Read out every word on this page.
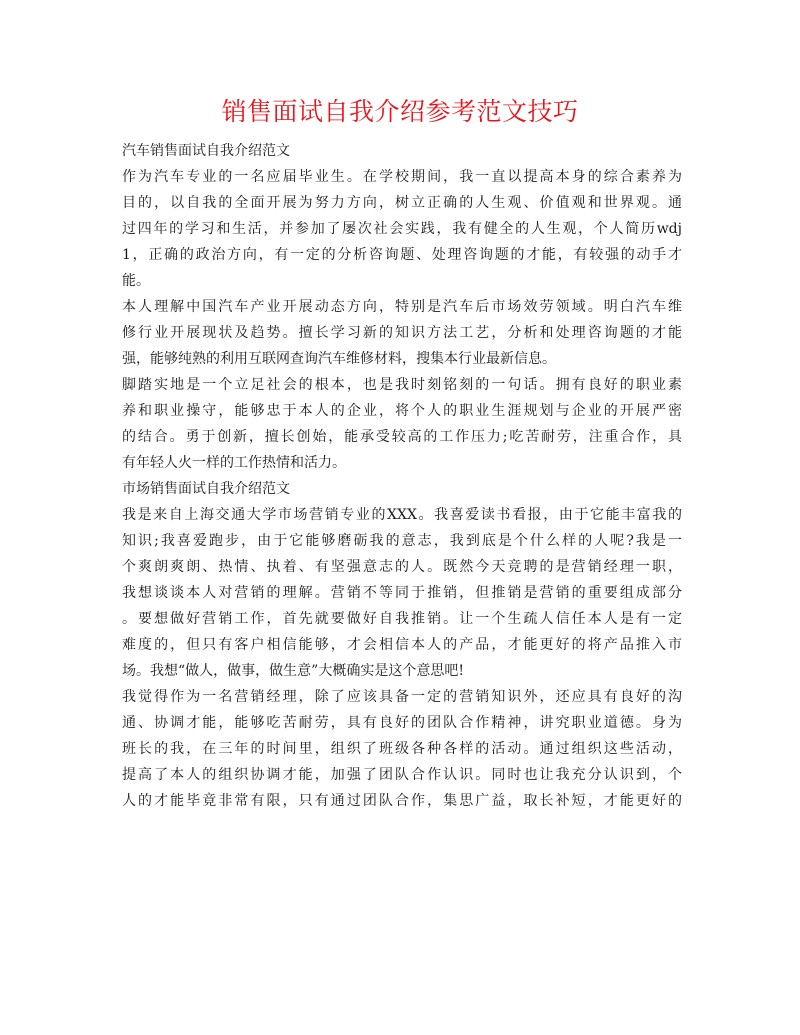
销售面试自我介绍参考范文技巧
汽车销售面试自我介绍范文
作为汽车专业的一名应届毕业生。在学校期间，我一直以提高本身的综合素养为
目的，以自我的全面开展为努力方向，树立正确的人生观、价值观和世界观。通
过四年的学习和生活，并参加了屡次社会实践，我有健全的人生观，个人简历wdj
1，正确的政治方向，有一定的分析咨询题、处理咨询题的才能，有较强的动手才
能。
本人理解中国汽车产业开展动态方向，特别是汽车后市场效劳领域。明白汽车维
修行业开展现状及趋势。擅长学习新的知识方法工艺，分析和处理咨询题的才能
强，能够纯熟的利用互联网查询汽车维修材料，搜集本行业最新信息。
脚踏实地是一个立足社会的根本，也是我时刻铭刻的一句话。拥有良好的职业素
养和职业操守，能够忠于本人的企业，将个人的职业生涯规划与企业的开展严密
的结合。勇于创新，擅长创始，能承受较高的工作压力;吃苦耐劳，注重合作，具
有年轻人火一样的工作热情和活力。
市场销售面试自我介绍范文
我是来自上海交通大学市场营销专业的XXX。我喜爱读书看报，由于它能丰富我的
知识;我喜爱跑步，由于它能够磨砺我的意志，我到底是个什么样的人呢?我是一
个爽朗爽朗、热情、执着、有坚强意志的人。既然今天竞聘的是营销经理一职，
我想谈谈本人对营销的理解。营销不等同于推销，但推销是营销的重要组成部分
。要想做好营销工作，首先就要做好自我推销。让一个生疏人信任本人是有一定
难度的，但只有客户相信能够，才会相信本人的产品，才能更好的将产品推入市
场。我想“做人，做事，做生意”大概确实是这个意思吧!
我觉得作为一名营销经理，除了应该具备一定的营销知识外，还应具有良好的沟
通、协调才能，能够吃苦耐劳，具有良好的团队合作精神，讲究职业道德。身为
班长的我，在三年的时间里，组织了班级各种各样的活动。通过组织这些活动，
提高了本人的组织协调才能，加强了团队合作认识。同时也让我充分认识到，个
人的才能毕竟非常有限，只有通过团队合作，集思广益，取长补短，才能更好的
